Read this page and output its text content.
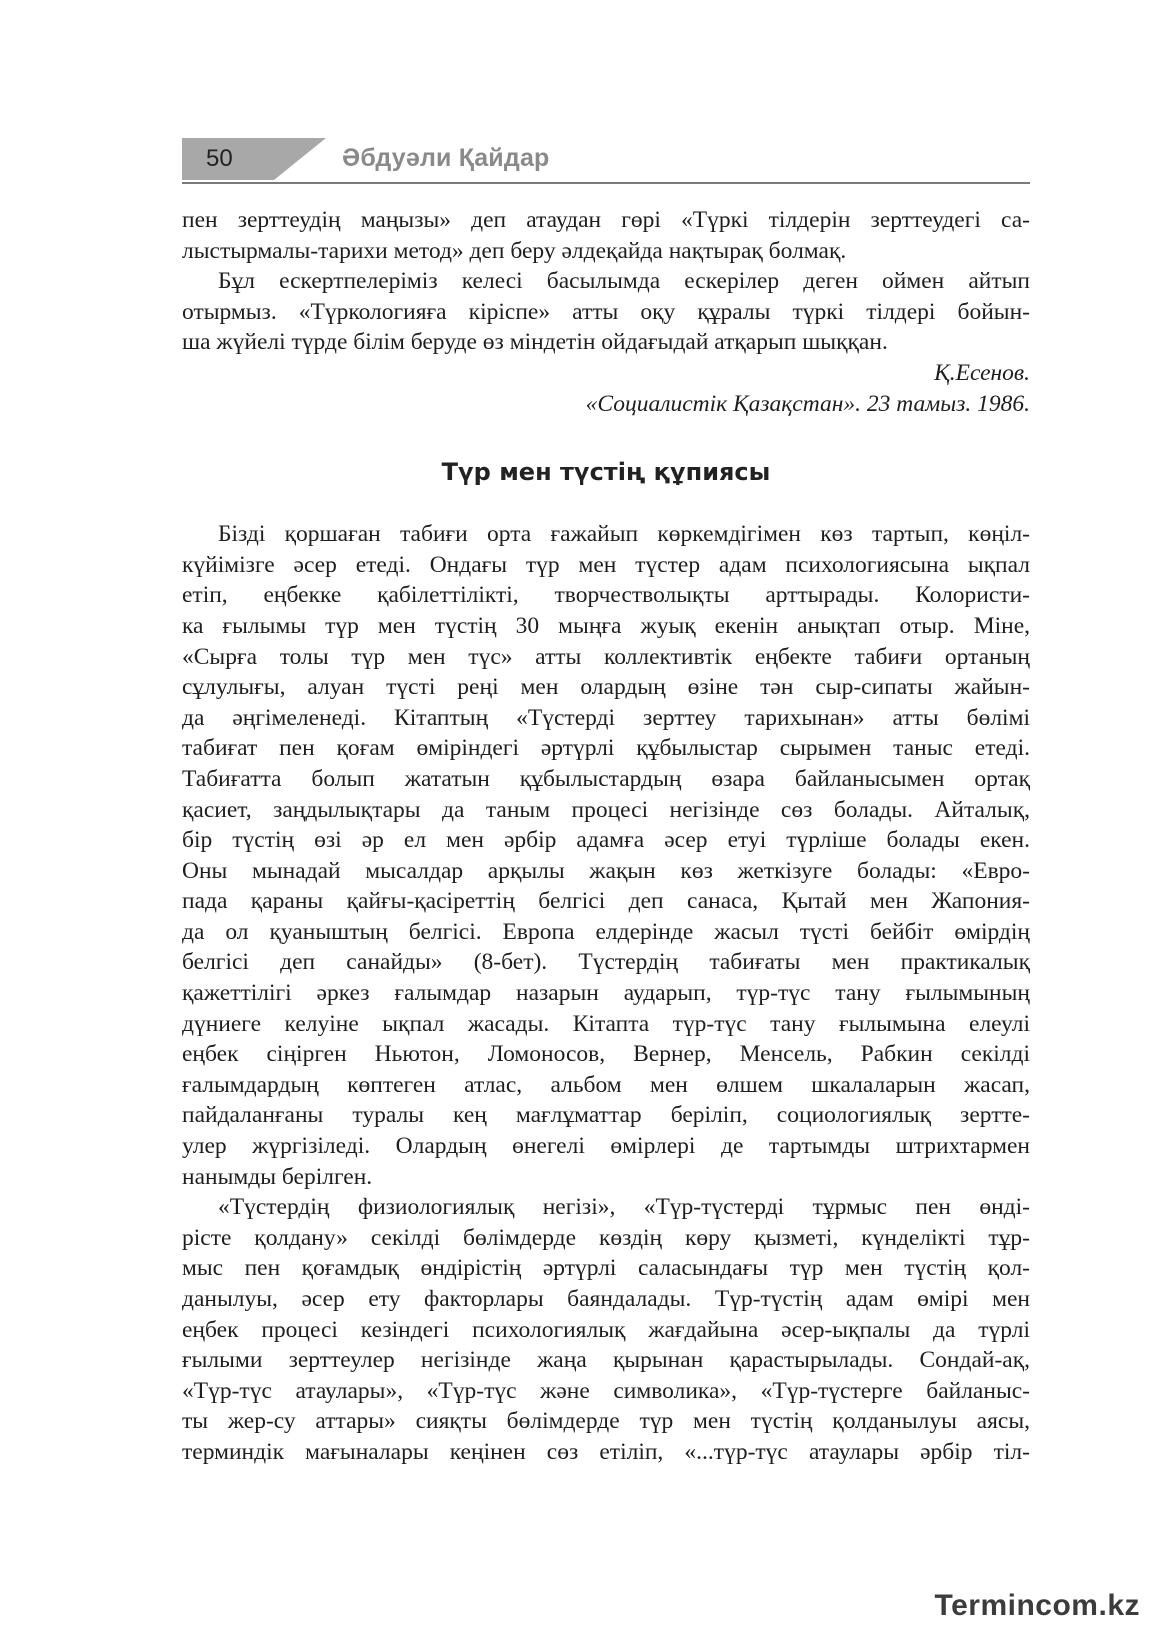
50	Әбдуәли Қайдар

пен зерттеудің маңызы» деп атаудан гөрі «Түркі тілдерін зерттеудегі са-
лыстырмалы-тарихи метод» деп беру әлдеқайда нақтырақ болмақ.

Бұл ескертпелеріміз келесі басылымда ескерілер деген оймен айтып
отырмыз. «Түркологияға кіріспе» атты оқу құралы түркі тілдері бойын-
ша жүйелі түрде білім беруде өз міндетін ойдағыдай атқарып шыққан.

Қ.Есенов.

«Социалистік Қазақстан». 23 тамыз. 1986.

Түр мен түстің құпиясы

Бізді қоршаған табиғи орта ғажайып көркемдігімен көз тартып, көңіл-
күйімізге әсер етеді. Ондағы түр мен түстер адам психологиясына ықпал
етіп, еңбекке қабілеттілікті, творчестволықты арттырады. Колористи-
ка ғылымы түр мен түстің 30 мыңға жуық екенін анықтап отыр. Міне,
«Сырға толы түр мен түс» атты коллективтік еңбекте табиғи ортаның
сұлулығы, алуан түсті реңі мен олардың өзіне тән сыр-сипаты жайын-
да әңгімеленеді. Кітаптың «Түстерді зерттеу тарихынан» атты бөлімі
табиғат пен қоғам өміріндегі әртүрлі құбылыстар сырымен таныс етеді.
Табиғатта болып жататын құбылыстардың өзара байланысымен ортақ
қасиет, заңдылықтары да таным процесі негізінде сөз болады. Айталық,
бір түстің өзі әр ел мен әрбір адамға әсер етуі түрліше болады екен.
Оны мынадай мысалдар арқылы жақын көз жеткізуге болады: «Евро-
пада қараны қайғы-қасіреттің белгісі деп санаса, Қытай мен Жапония-
да ол қуаныштың белгісі. Европа елдерінде жасыл түсті бейбіт өмірдің
белгісі деп санайды» (8-бет). Түстердің табиғаты мен практикалық
қажеттілігі әркез ғалымдар назарын аударып, түр-түс тану ғылымының
дүниеге келуіне ықпал жасады. Кітапта түр-түс тану ғылымына елеулі
еңбек сіңірген Ньютон, Ломоносов, Вернер, Менсель, Рабкин секілді
ғалымдардың көптеген атлас, альбом мен өлшем шкалаларын жасап,
пайдаланғаны туралы кең мағлұматтар беріліп, социологиялық зертте-
улер жүргізіледі. Олардың өнегелі өмірлері де тартымды штрихтармен
нанымды берілген.

«Түстердің физиологиялық негізі», «Түр-түстерді тұрмыс пен өнді-
рісте қолдану» секілді бөлімдерде көздің көру қызметі, күнделікті тұр-
мыс пен қоғамдық өндірістің әртүрлі саласындағы түр мен түстің қол-
данылуы, әсер ету факторлары баяндалады. Түр-түстің адам өмірі мен
еңбек процесі кезіндегі психологиялық жағдайына әсер-ықпалы да түрлі
ғылыми зерттеулер негізінде жаңа қырынан қарастырылады. Сондай-ақ,
«Түр-түс атаулары», «Түр-түс және символика», «Түр-түстерге байланыс-
ты жер-су аттары» сияқты бөлімдерде түр мен түстің қолданылуы аясы,
терминдік мағыналары кеңінен сөз етіліп, «...түр-түс атаулары әрбір тіл-

Termincom.kz
